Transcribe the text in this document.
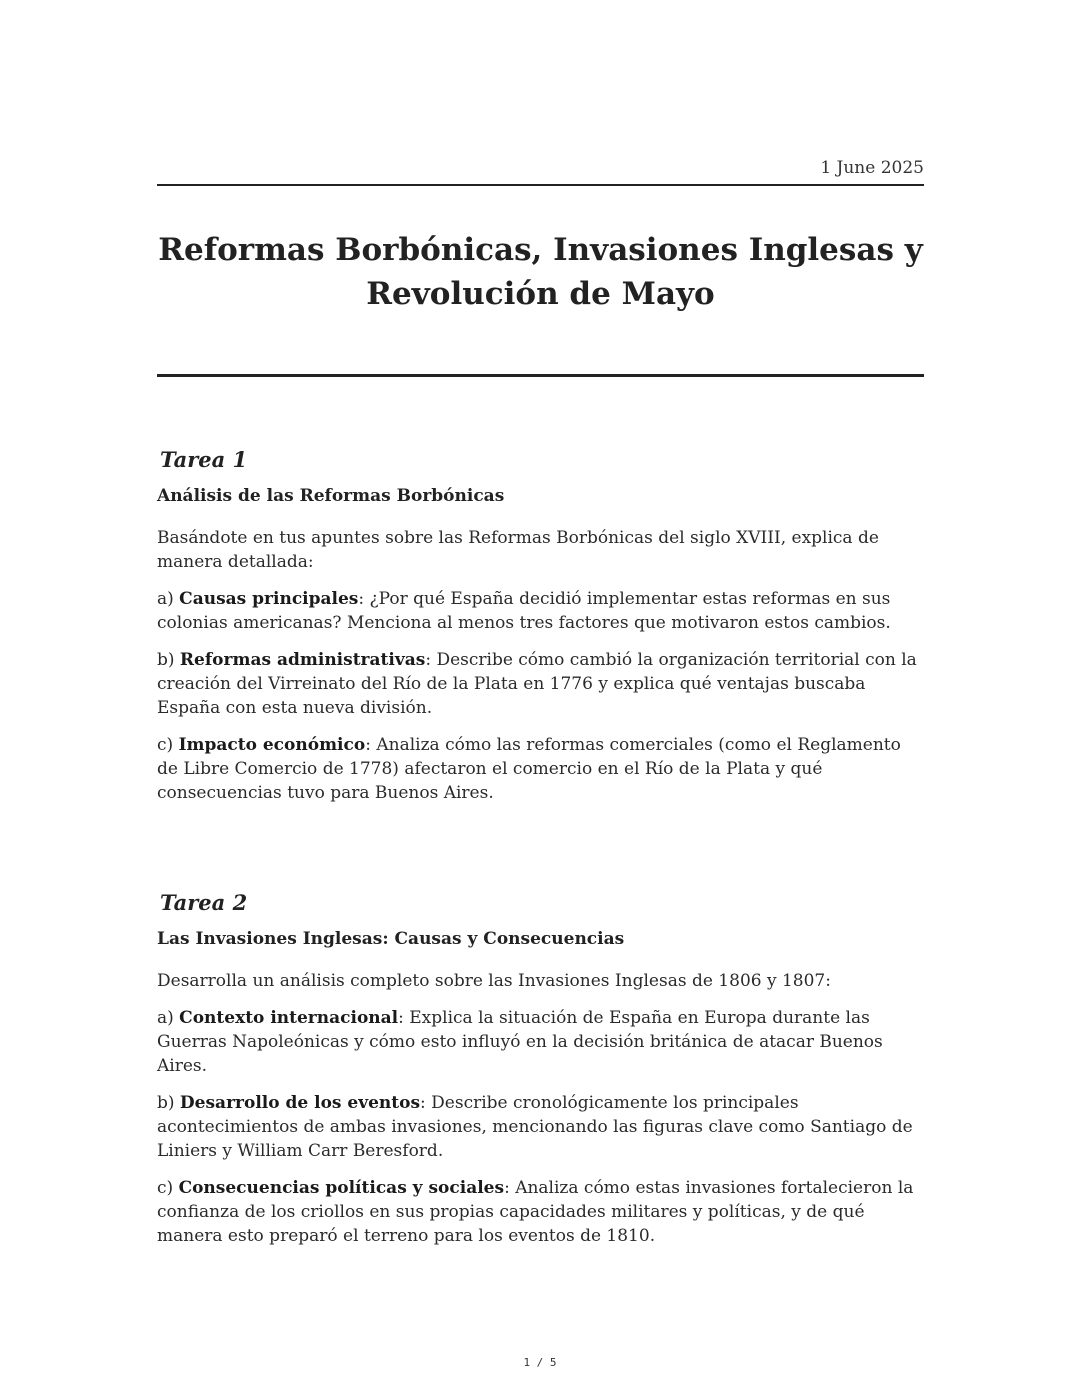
1 June 2025
Reformas Borbónicas, Invasiones Inglesas y
Revolución de Mayo
Tarea 1
Análisis de las Reformas Borbónicas

Basándote en tus apuntes sobre las Reformas Borbónicas del siglo XVIII, explica de manera detallada:

a) Causas principales: ¿Por qué España decidió implementar estas reformas en sus colonias americanas? Menciona al menos tres factores que motivaron estos cambios.

b) Reformas administrativas: Describe cómo cambió la organización territorial con la creación del Virreinato del Río de la Plata en 1776 y explica qué ventajas buscaba España con esta nueva división.

c) Impacto económico: Analiza cómo las reformas comerciales (como el Reglamento de Libre Comercio de 1778) afectaron el comercio en el Río de la Plata y qué consecuencias tuvo para Buenos Aires.

Tarea 2
Las Invasiones Inglesas: Causas y Consecuencias

Desarrolla un análisis completo sobre las Invasiones Inglesas de 1806 y 1807:

a) Contexto internacional: Explica la situación de España en Europa durante las Guerras Napoleónicas y cómo esto influyó en la decisión británica de atacar Buenos Aires.

b) Desarrollo de los eventos: Describe cronológicamente los principales acontecimientos de ambas invasiones, mencionando las figuras clave como Santiago de Liniers y William Carr Beresford.

c) Consecuencias políticas y sociales: Analiza cómo estas invasiones fortalecieron la confianza de los criollos en sus propias capacidades militares y políticas, y de qué manera esto preparó el terreno para los eventos de 1810.

1 / 5
